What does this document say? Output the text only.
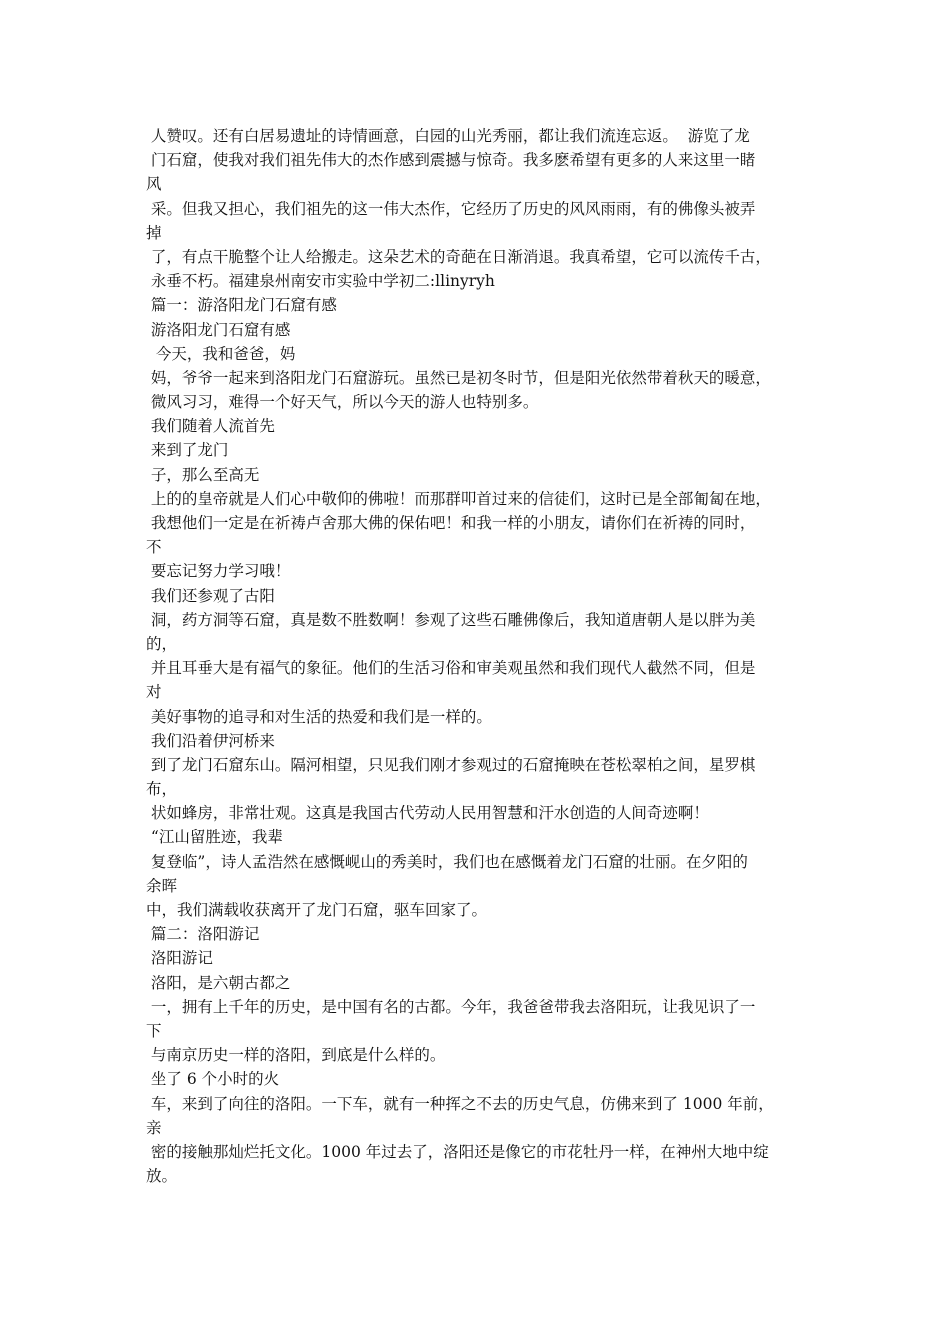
人赞叹。还有白居易遗址的诗情画意，白园的山光秀丽，都让我们流连忘返。  游览了龙
门石窟，使我对我们祖先伟大的杰作感到震撼与惊奇。我多麽希望有更多的人来这里一睹
风
采。但我又担心，我们祖先的这一伟大杰作，它经历了历史的风风雨雨，有的佛像头被弄
掉
了，有点干脆整个让人给搬走。这朵艺术的奇葩在日渐消退。我真希望，它可以流传千古，
永垂不朽。福建泉州南安市实验中学初二:llinyryh
篇一：游洛阳龙门石窟有感
游洛阳龙门石窟有感
今天，我和爸爸，妈
妈，爷爷一起来到洛阳龙门石窟游玩。虽然已是初冬时节，但是阳光依然带着秋天的暖意，
微风习习，难得一个好天气，所以今天的游人也特别多。
我们随着人流首先
来到了龙门
子，那么至高无
上的的皇帝就是人们心中敬仰的佛啦！而那群叩首过来的信徒们，这时已是全部匍匐在地，
我想他们一定是在祈祷卢舍那大佛的保佑吧！和我一样的小朋友，请你们在祈祷的同时，
不
要忘记努力学习哦！
我们还参观了古阳
洞，药方洞等石窟，真是数不胜数啊！参观了这些石雕佛像后，我知道唐朝人是以胖为美
的，
并且耳垂大是有福气的象征。他们的生活习俗和审美观虽然和我们现代人截然不同，但是
对
美好事物的追寻和对生活的热爱和我们是一样的。
我们沿着伊河桥来
到了龙门石窟东山。隔河相望，只见我们刚才参观过的石窟掩映在苍松翠柏之间，星罗棋
布，
状如蜂房，非常壮观。这真是我国古代劳动人民用智慧和汗水创造的人间奇迹啊！
“江山留胜迹，我辈
复登临”，诗人孟浩然在感慨岘山的秀美时，我们也在感慨着龙门石窟的壮丽。在夕阳的
余晖
中，我们满载收获离开了龙门石窟，驱车回家了。
篇二：洛阳游记
洛阳游记
洛阳，是六朝古都之
一，拥有上千年的历史，是中国有名的古都。今年，我爸爸带我去洛阳玩，让我见识了一
下
与南京历史一样的洛阳，到底是什么样的。
坐了 6 个小时的火
车，来到了向往的洛阳。一下车，就有一种挥之不去的历史气息，仿佛来到了 1000 年前，
亲
密的接触那灿烂托文化。1000 年过去了，洛阳还是像它的市花牡丹一样，在神州大地中绽
放。
